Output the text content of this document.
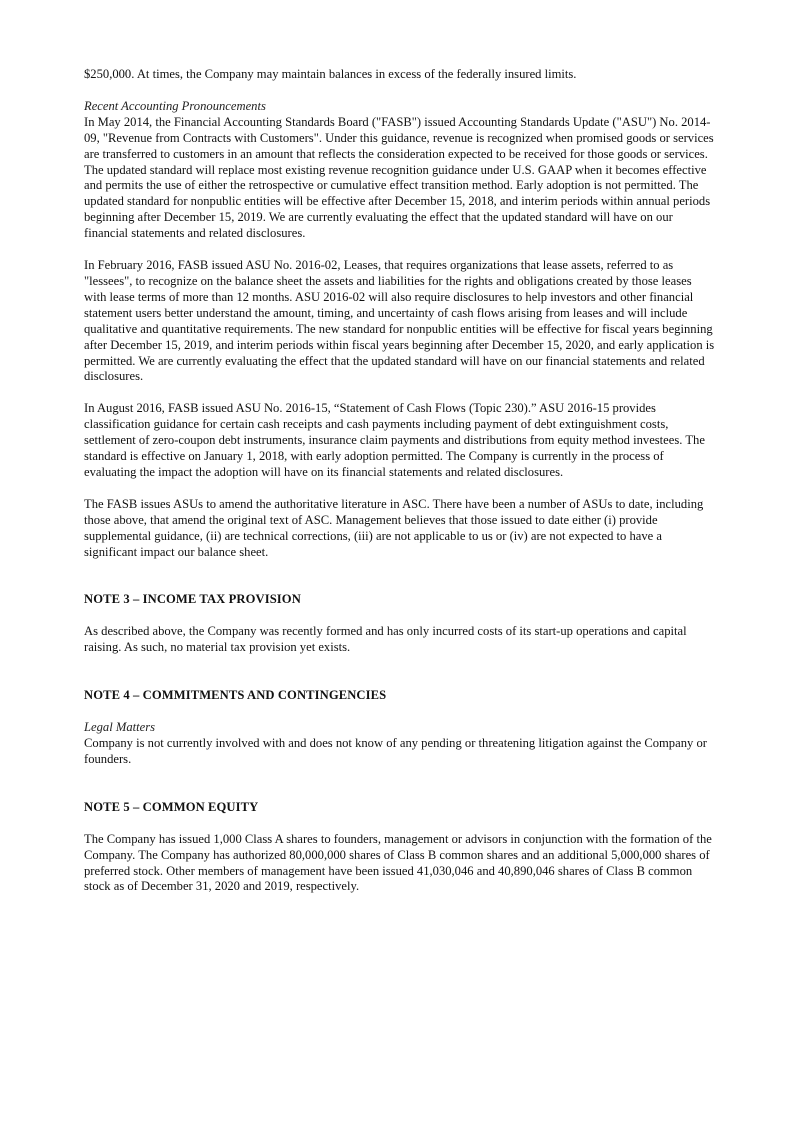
$250,000. At times, the Company may maintain balances in excess of the federally insured limits.

Recent Accounting Pronouncements

In May 2014, the Financial Accounting Standards Board ("FASB") issued Accounting Standards Update ("ASU") No. 2014-09, "Revenue from Contracts with Customers". Under this guidance, revenue is recognized when promised goods or services are transferred to customers in an amount that reflects the consideration expected to be received for those goods or services. The updated standard will replace most existing revenue recognition guidance under U.S. GAAP when it becomes effective and permits the use of either the retrospective or cumulative effect transition method. Early adoption is not permitted. The updated standard for nonpublic entities will be effective after December 15, 2018, and interim periods within annual periods beginning after December 15, 2019. We are currently evaluating the effect that the updated standard will have on our financial statements and related disclosures.

In February 2016, FASB issued ASU No. 2016-02, Leases, that requires organizations that lease assets, referred to as "lessees", to recognize on the balance sheet the assets and liabilities for the rights and obligations created by those leases with lease terms of more than 12 months. ASU 2016-02 will also require disclosures to help investors and other financial statement users better understand the amount, timing, and uncertainty of cash flows arising from leases and will include qualitative and quantitative requirements. The new standard for nonpublic entities will be effective for fiscal years beginning after December 15, 2019, and interim periods within fiscal years beginning after December 15, 2020, and early application is permitted. We are currently evaluating the effect that the updated standard will have on our financial statements and related disclosures.

In August 2016, FASB issued ASU No. 2016-15, “Statement of Cash Flows (Topic 230).” ASU 2016-15 provides classification guidance for certain cash receipts and cash payments including payment of debt extinguishment costs, settlement of zero-coupon debt instruments, insurance claim payments and distributions from equity method investees. The standard is effective on January 1, 2018, with early adoption permitted. The Company is currently in the process of evaluating the impact the adoption will have on its financial statements and related disclosures.

The FASB issues ASUs to amend the authoritative literature in ASC. There have been a number of ASUs to date, including those above, that amend the original text of ASC. Management believes that those issued to date either (i) provide supplemental guidance, (ii) are technical corrections, (iii) are not applicable to us or (iv) are not expected to have a significant impact our balance sheet.

NOTE 3 – INCOME TAX PROVISION

As described above, the Company was recently formed and has only incurred costs of its start-up operations and capital raising. As such, no material tax provision yet exists.

NOTE 4 – COMMITMENTS AND CONTINGENCIES

Legal Matters

Company is not currently involved with and does not know of any pending or threatening litigation against the Company or founders.

NOTE 5 – COMMON EQUITY

The Company has issued 1,000 Class A shares to founders, management or advisors in conjunction with the formation of the Company. The Company has authorized 80,000,000 shares of Class B common shares and an additional 5,000,000 shares of preferred stock. Other members of management have been issued 41,030,046 and 40,890,046 shares of Class B common stock as of December 31, 2020 and 2019, respectively.
